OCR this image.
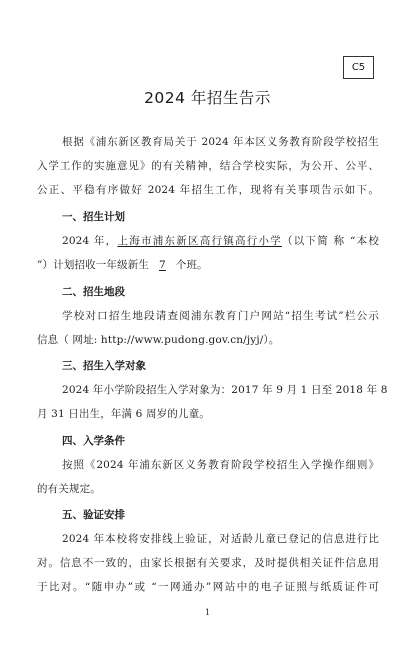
C5
2024 年招生告示
根据《浦东新区教育局关于 2024 年本区义务教育阶段学校招生
入学工作的实施意见》的有关精神，结合学校实际，为公开、公平、
公正、平稳有序做好 2024 年招生工作，现将有关事项告示如下。
一、招生计划
2024 年，上海市浦东新区高行镇高行小学（以下简 称 “本校
”）计划招收一年级新生 7 个班。
二、招生地段
学校对口招生地段请查阅浦东教育门户网站“招生考试”栏公示
信息（ 网址: http://www.pudong.gov.cn/jyj/）。
三、招生入学对象
2024 年小学阶段招生入学对象为：2017 年 9 月 1 日至 2018 年 8
月 31 日出生，年满 6 周岁的儿童。
四、入学条件
按照《2024 年浦东新区义务教育阶段学校招生入学操作细则》
的有关规定。
五、验证安排
2024 年本校将安排线上验证，对适龄儿童已登记的信息进行比
对。信息不一致的，由家长根据有关要求，及时提供相关证件信息用
于比对。“随申办”或 “一网通办”网站中的电子证照与纸质证件可
1
